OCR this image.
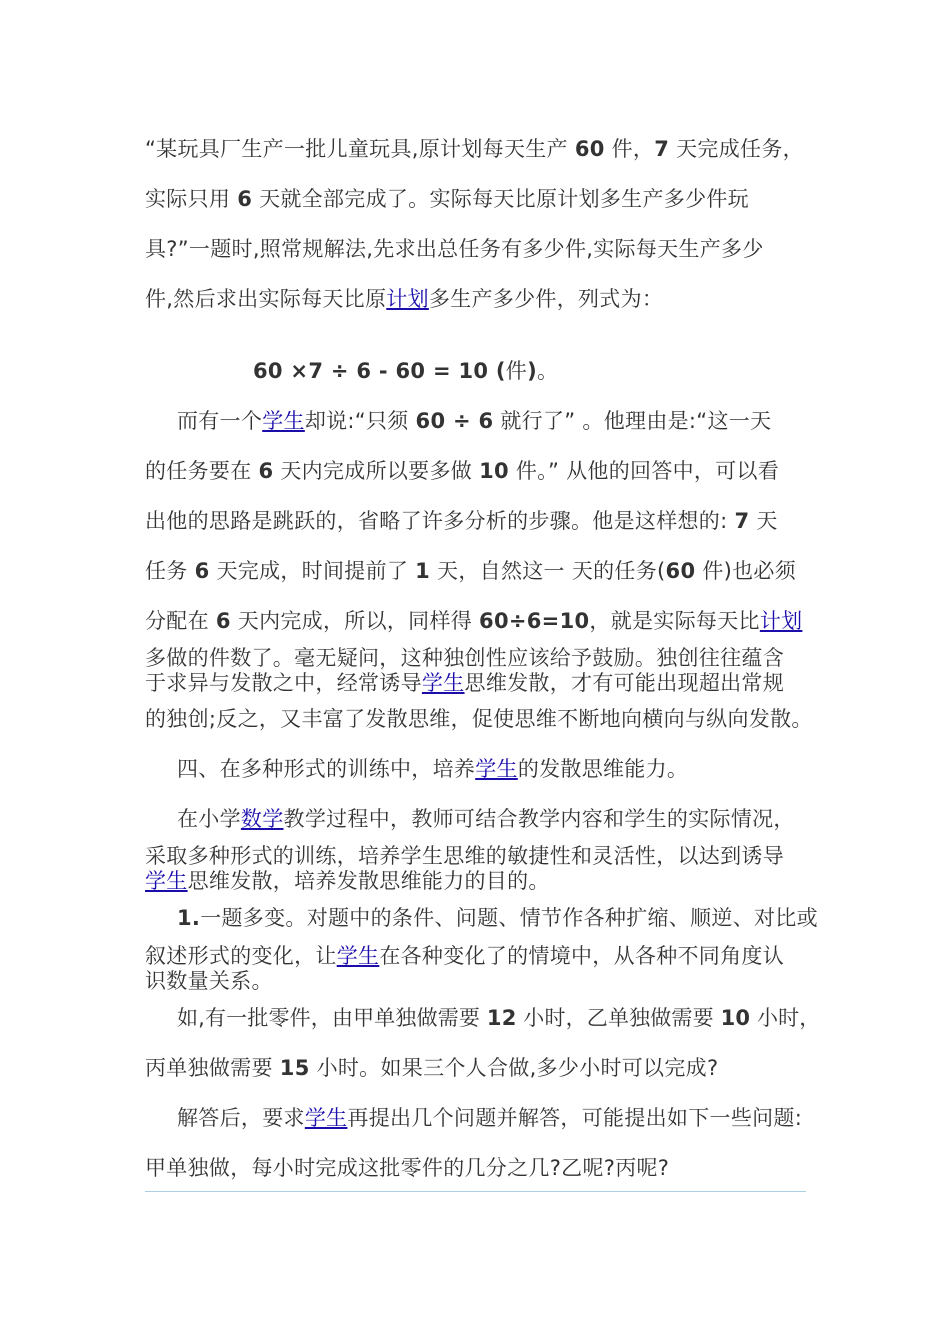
“某玩具厂生产一批儿童玩具,原计划每天生产 60 件，7 天完成任务，
实际只用 6 天就全部完成了。实际每天比原计划多生产多少件玩
具?”一题时,照常规解法,先求出总任务有多少件,实际每天生产多少
件,然后求出实际每天比原计划多生产多少件，列式为：
60 ×7 ÷ 6 - 60 = 10 (件)。
而有一个学生却说:“只须 60 ÷ 6 就行了” 。他理由是:“这一天
的任务要在 6 天内完成所以要多做 10 件。” 从他的回答中，可以看
出他的思路是跳跃的，省略了许多分析的步骤。他是这样想的: 7 天
任务 6 天完成，时间提前了 1 天，自然这一 天的任务(60 件)也必须
分配在 6 天内完成，所以，同样得 60÷6=10，就是实际每天比计划
多做的件数了。毫无疑问，这种独创性应该给予鼓励。独创往往蕴含
于求异与发散之中，经常诱导学生思维发散，才有可能出现超出常规
的独创;反之，又丰富了发散思维，促使思维不断地向横向与纵向发散。
四、在多种形式的训练中，培养学生的发散思维能力。
在小学数学教学过程中，教师可结合教学内容和学生的实际情况，
采取多种形式的训练，培养学生思维的敏捷性和灵活性，以达到诱导
学生思维发散，培养发散思维能力的目的。
1.一题多变。对题中的条件、问题、情节作各种扩缩、顺逆、对比或
叙述形式的变化，让学生在各种变化了的情境中，从各种不同角度认
识数量关系。
如,有一批零件，由甲单独做需要 12 小时，乙单独做需要 10 小时，
丙单独做需要 15 小时。如果三个人合做,多少小时可以完成?
解答后，要求学生再提出几个问题并解答，可能提出如下一些问题:
甲单独做，每小时完成这批零件的几分之几?乙呢?丙呢?
